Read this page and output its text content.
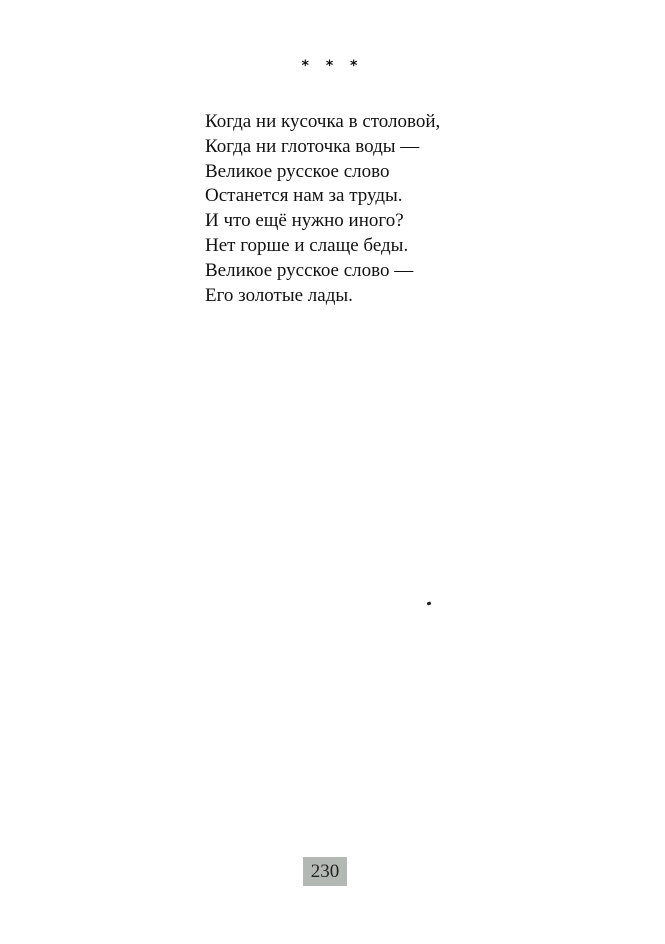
* * *
Когда ни кусочка в столовой,
Когда ни глоточка воды —
Великое русское слово
Останется нам за труды.
И что ещё нужно иного?
Нет горше и слаще беды.
Великое русское слово —
Его золотые лады.
230
